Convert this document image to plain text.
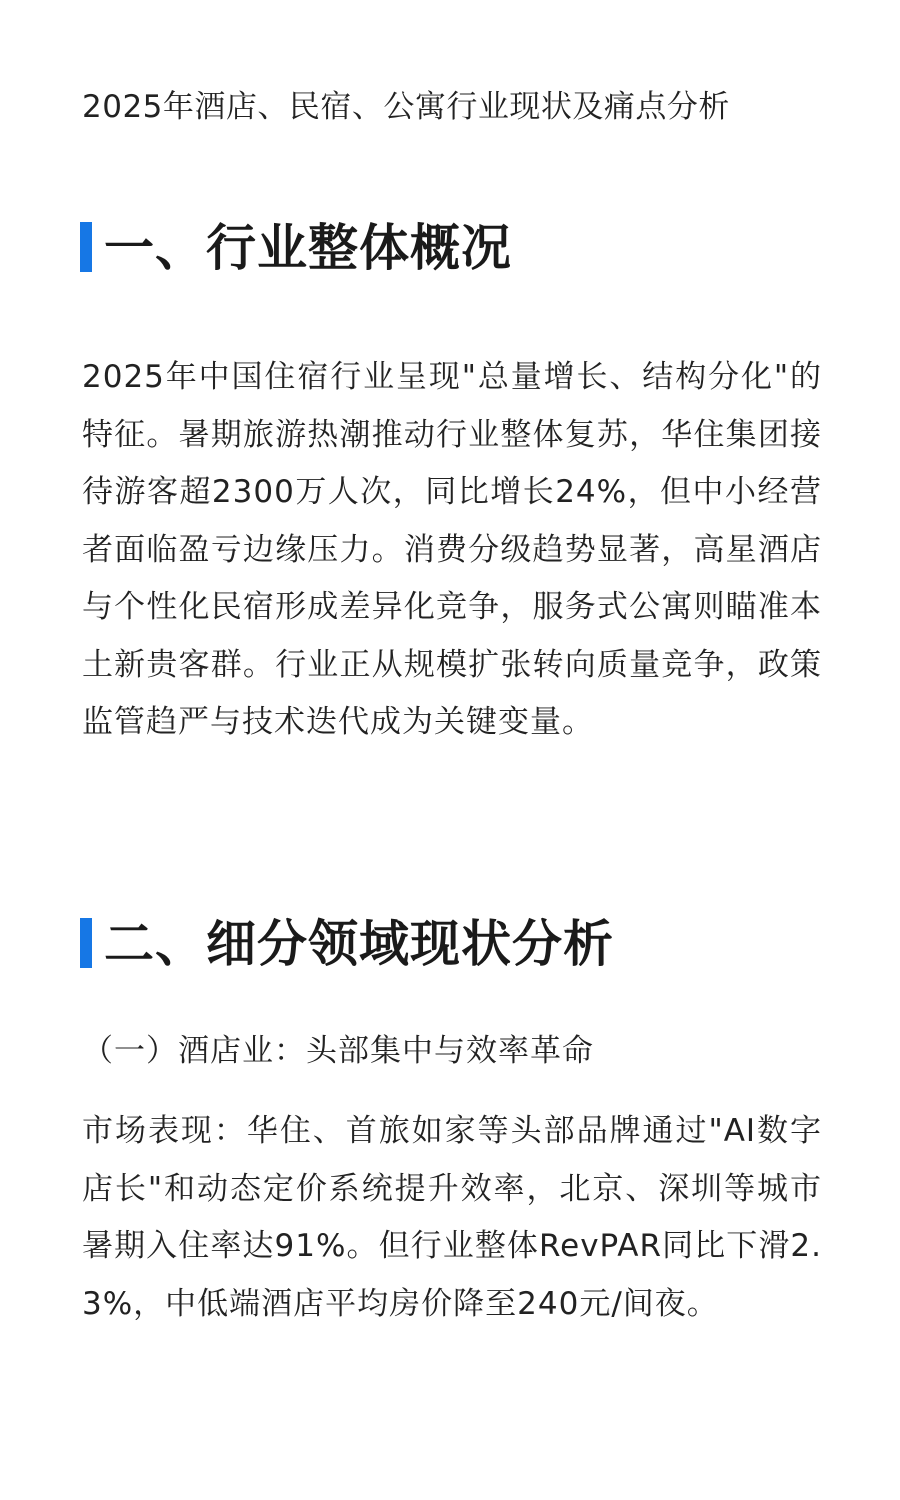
2025年酒店、民宿、公寓行业现状及痛点分析
一、行业整体概况
2025年中国住宿行业呈现"总量增长、结构分化"的特征。暑期旅游热潮推动行业整体复苏，华住集团接待游客超2300万人次，同比增长24%，但中小经营者面临盈亏边缘压力。消费分级趋势显著，高星酒店与个性化民宿形成差异化竞争，服务式公寓则瞄准本土新贵客群。行业正从规模扩张转向质量竞争，政策监管趋严与技术迭代成为关键变量。
二、细分领域现状分析
（一）酒店业：头部集中与效率革命
市场表现：华住、首旅如家等头部品牌通过"AI数字店长"和动态定价系统提升效率，北京、深圳等城市暑期入住率达91%。但行业整体RevPAR同比下滑2.3%，中低端酒店平均房价降至240元/间夜。
